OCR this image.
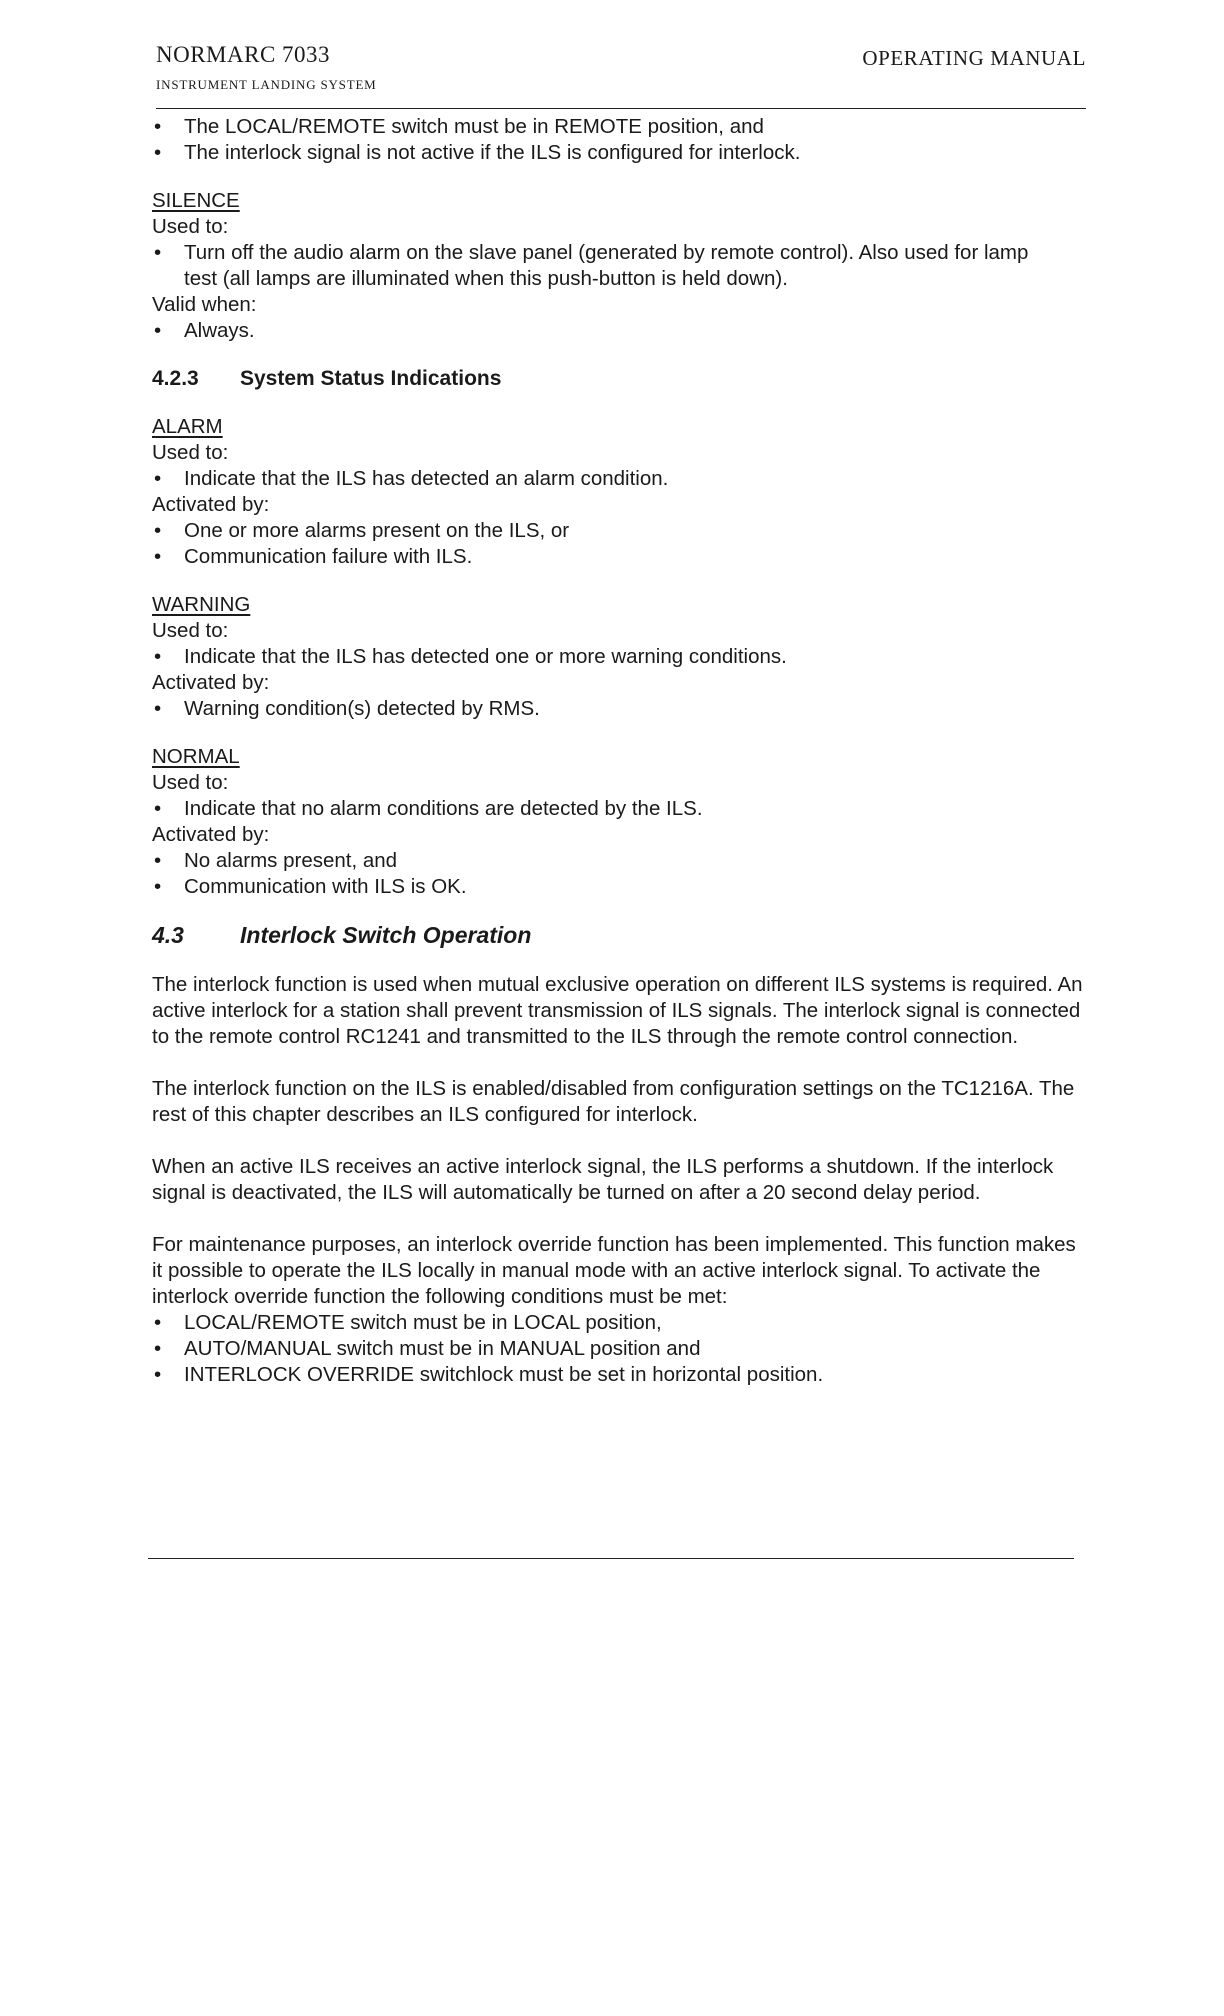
NORMARC 7033
INSTRUMENT LANDING SYSTEM
OPERATING MANUAL
• The LOCAL/REMOTE switch must be in REMOTE position, and
• The interlock signal is not active if the ILS is configured for interlock.
SILENCE
Used to:
• Turn off the audio alarm on the slave panel (generated by remote control). Also used for lamp test (all lamps are illuminated when this push-button is held down).
Valid when:
• Always.
4.2.3 System Status Indications
ALARM
Used to:
• Indicate that the ILS has detected an alarm condition.
Activated by:
• One or more alarms present on the ILS, or
• Communication failure with ILS.
WARNING
Used to:
• Indicate that the ILS has detected one or more warning conditions.
Activated by:
• Warning condition(s) detected by RMS.
NORMAL
Used to:
• Indicate that no alarm conditions are detected by the ILS.
Activated by:
• No alarms present, and
• Communication with ILS is OK.
4.3 Interlock Switch Operation

The interlock function is used when mutual exclusive operation on different ILS systems is required. An active interlock for a station shall prevent transmission of ILS signals. The interlock signal is connected to the remote control RC1241 and transmitted to the ILS through the remote control connection.

The interlock function on the ILS is enabled/disabled from configuration settings on the TC1216A. The rest of this chapter describes an ILS configured for interlock.

When an active ILS receives an active interlock signal, the ILS performs a shutdown. If the interlock signal is deactivated, the ILS will automatically be turned on after a 20 second delay period.

For maintenance purposes, an interlock override function has been implemented. This function makes it possible to operate the ILS locally in manual mode with an active interlock signal. To activate the interlock override function the following conditions must be met:

• LOCAL/REMOTE switch must be in LOCAL position,
• AUTO/MANUAL switch must be in MANUAL position and
• INTERLOCK OVERRIDE switchlock must be set in horizontal position.
